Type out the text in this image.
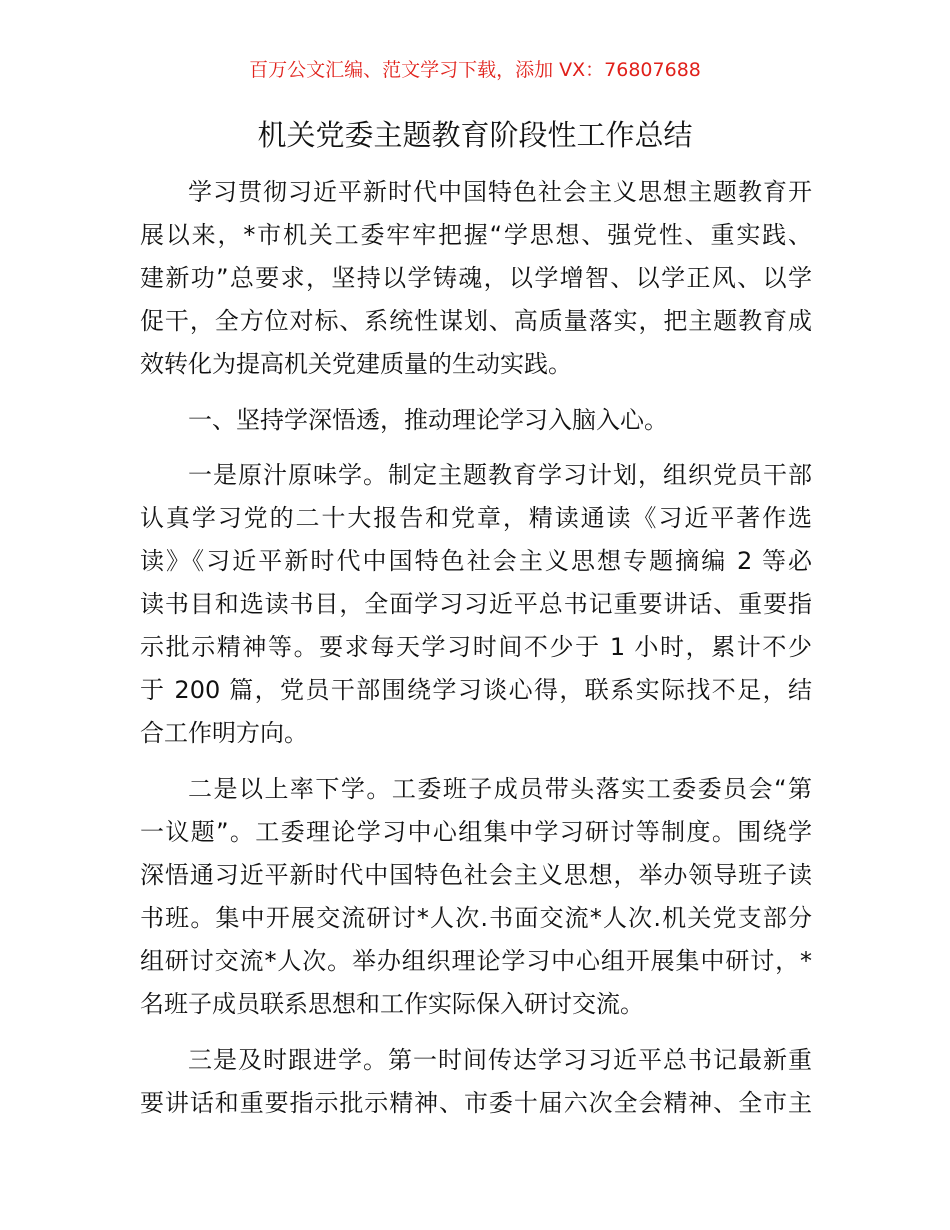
百万公文汇编、范文学习下载，添加 VX：76807688
机关党委主题教育阶段性工作总结
学习贯彻习近平新时代中国特色社会主义思想主题教育开
展以来，*市机关工委牢牢把握“学思想、强党性、重实践、
建新功”总要求，坚持以学铸魂，以学增智、以学正风、以学
促干，全方位对标、系统性谋划、高质量落实，把主题教育成
效转化为提高机关党建质量的生动实践。
一、坚持学深悟透，推动理论学习入脑入心。
一是原汁原味学。制定主题教育学习计划，组织党员干部
认真学习党的二十大报告和党章，精读通读《习近平著作选
读》《习近平新时代中国特色社会主义思想专题摘编 2 等必
读书目和选读书目，全面学习习近平总书记重要讲话、重要指
示批示精神等。要求每天学习时间不少于 1 小时，累计不少
于 200 篇，党员干部围绕学习谈心得，联系实际找不足，结
合工作明方向。
二是以上率下学。工委班子成员带头落实工委委员会“第
一议题”。工委理论学习中心组集中学习研讨等制度。围绕学
深悟通习近平新时代中国特色社会主义思想，举办领导班子读
书班。集中开展交流研讨*人次.书面交流*人次.机关党支部分
组研讨交流*人次。举办组织理论学习中心组开展集中研讨，*
名班子成员联系思想和工作实际保入研讨交流。
三是及时跟进学。第一时间传达学习习近平总书记最新重
要讲话和重要指示批示精神、市委十届六次全会精神、全市主
